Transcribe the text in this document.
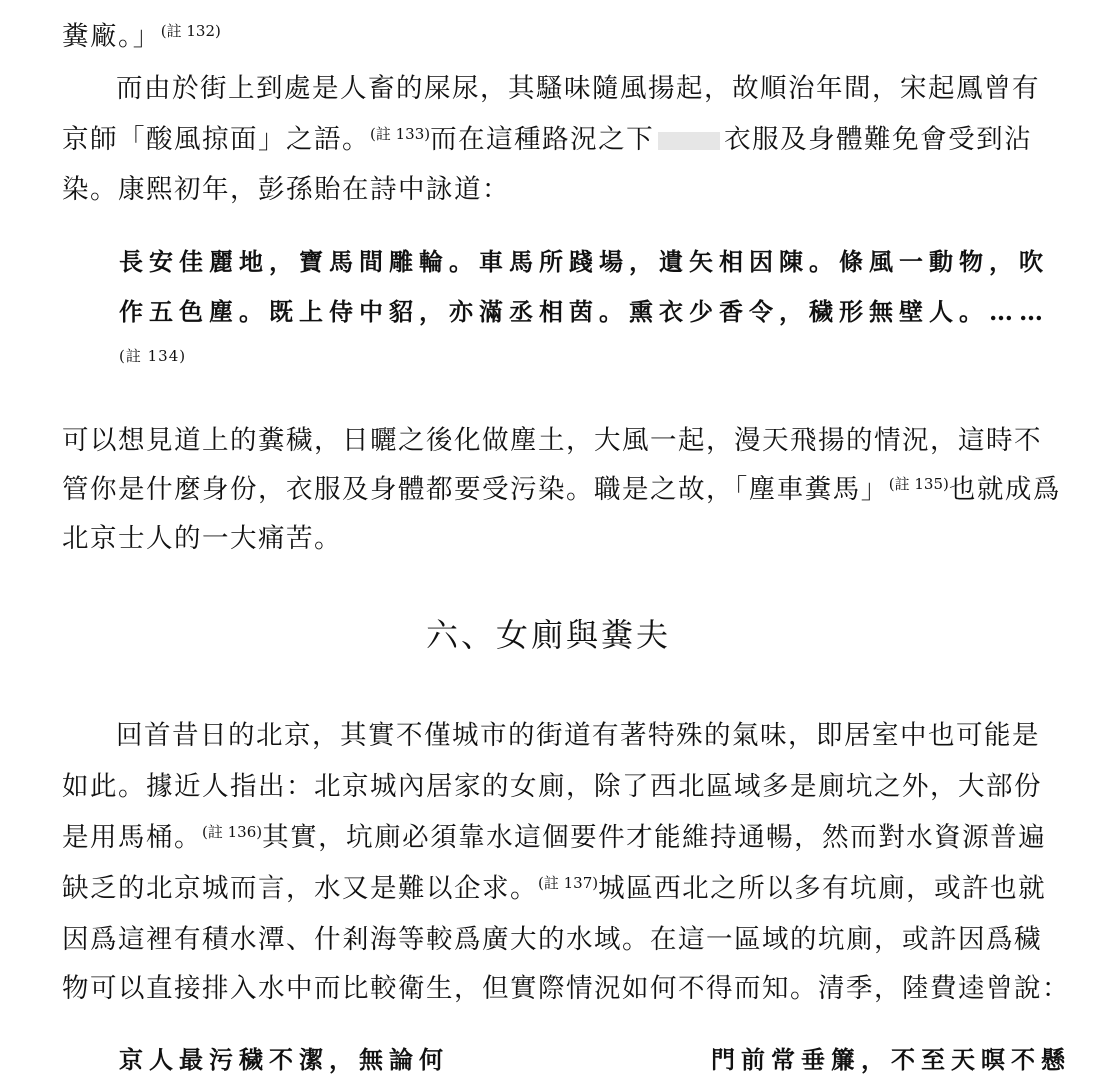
糞廠。」$^{(註 132)}$

而由於街上到處是人畜的屎尿，其騷味隨風揚起，故順治年間，宋起鳳曾有

京師「酸風掠面」之語。$^{(註 133)}$而在這種路況之下	衣服及身體難免會受到沾

染。康熙初年，彭孫貽在詩中詠道：

長安佳麗地，寶馬間雕輪。車馬所踐場，遺矢相因陳。條風一動物，吹

作五色塵。既上侍中貂，亦滿丞相茵。熏衣少香令，穢形無壁人。……

(註 134)

可以想見道上的糞穢，日曬之後化做塵土，大風一起，漫天飛揚的情況，這時不

管你是什麼身份，衣服及身體都要受污染。職是之故，「塵車糞馬」$^{(註 135)}$也就成爲

北京士人的一大痛苦。

六、女廁與糞夫

回首昔日的北京，其實不僅城市的街道有著特殊的氣味，即居室中也可能是

如此。據近人指出：北京城內居家的女廁，除了西北區域多是廁坑之外，大部份

是用馬桶。$^{(註 136)}$其實，坑廁必須靠水這個要件才能維持通暢，然而對水資源普遍

缺乏的北京城而言，水又是難以企求。$^{(註 137)}$城區西北之所以多有坑廁，或許也就

因爲這裡有積水潭、什剎海等較爲廣大的水域。在這一區域的坑廁，或許因爲穢

物可以直接排入水中而比較衛生，但實際情況如何不得而知。清季，陸費逵曾說：

京人最污穢不潔，無論何	門前常垂簾，不至天暝不懸
